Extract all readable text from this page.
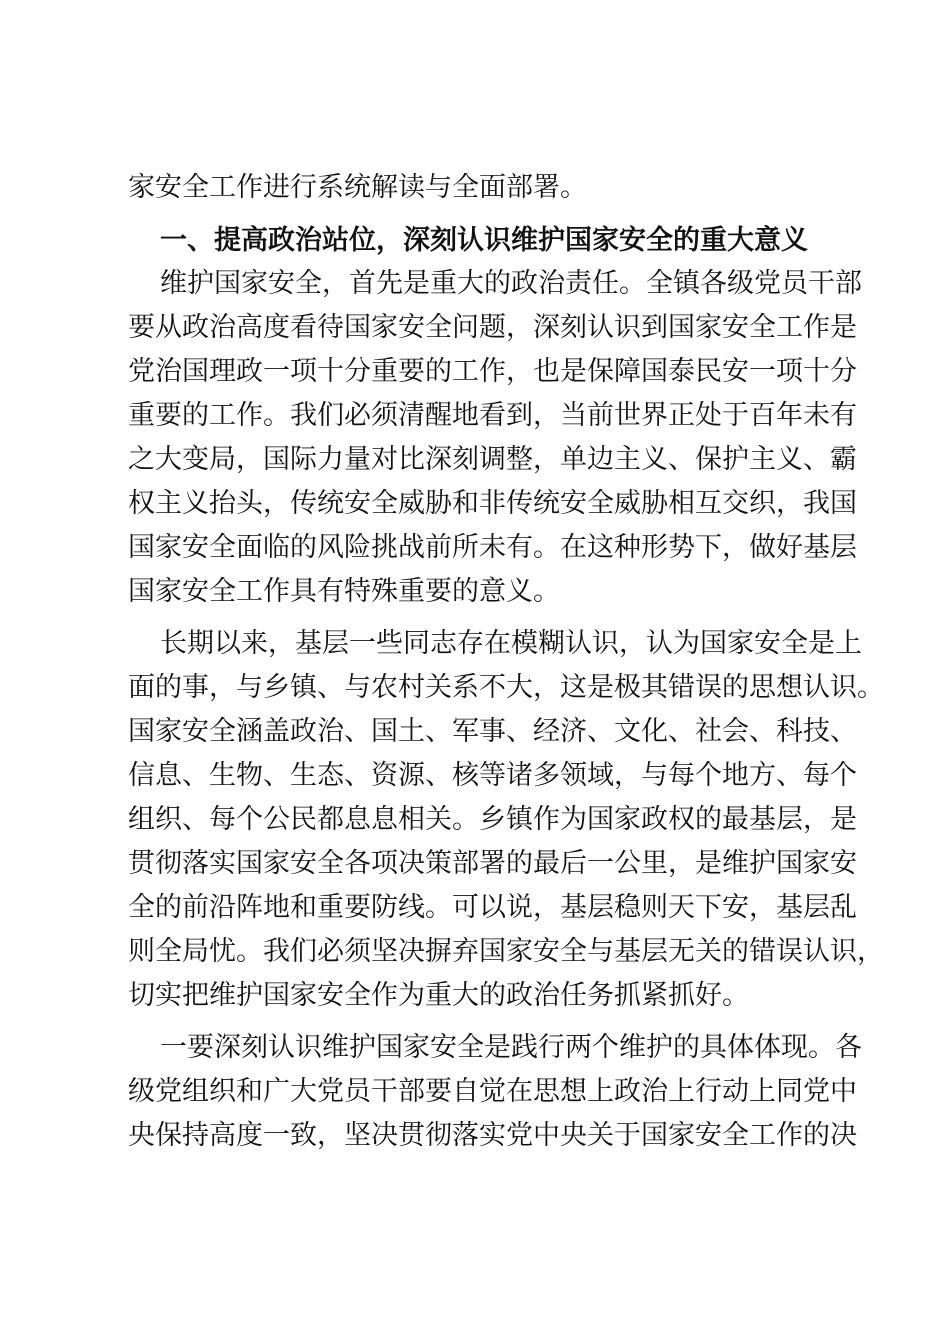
家安全工作进行系统解读与全面部署。
一、提高政治站位，深刻认识维护国家安全的重大意义
维护国家安全，首先是重大的政治责任。全镇各级党员干部
要从政治高度看待国家安全问题，深刻认识到国家安全工作是
党治国理政一项十分重要的工作，也是保障国泰民安一项十分
重要的工作。我们必须清醒地看到，当前世界正处于百年未有
之大变局，国际力量对比深刻调整，单边主义、保护主义、霸
权主义抬头，传统安全威胁和非传统安全威胁相互交织，我国
国家安全面临的风险挑战前所未有。在这种形势下，做好基层
国家安全工作具有特殊重要的意义。
长期以来，基层一些同志存在模糊认识，认为国家安全是上
面的事，与乡镇、与农村关系不大，这是极其错误的思想认识。
国家安全涵盖政治、国土、军事、经济、文化、社会、科技、
信息、生物、生态、资源、核等诸多领域，与每个地方、每个
组织、每个公民都息息相关。乡镇作为国家政权的最基层，是
贯彻落实国家安全各项决策部署的最后一公里，是维护国家安
全的前沿阵地和重要防线。可以说，基层稳则天下安，基层乱
则全局忧。我们必须坚决摒弃国家安全与基层无关的错误认识，
切实把维护国家安全作为重大的政治任务抓紧抓好。
一要深刻认识维护国家安全是践行两个维护的具体体现。各
级党组织和广大党员干部要自觉在思想上政治上行动上同党中
央保持高度一致，坚决贯彻落实党中央关于国家安全工作的决
